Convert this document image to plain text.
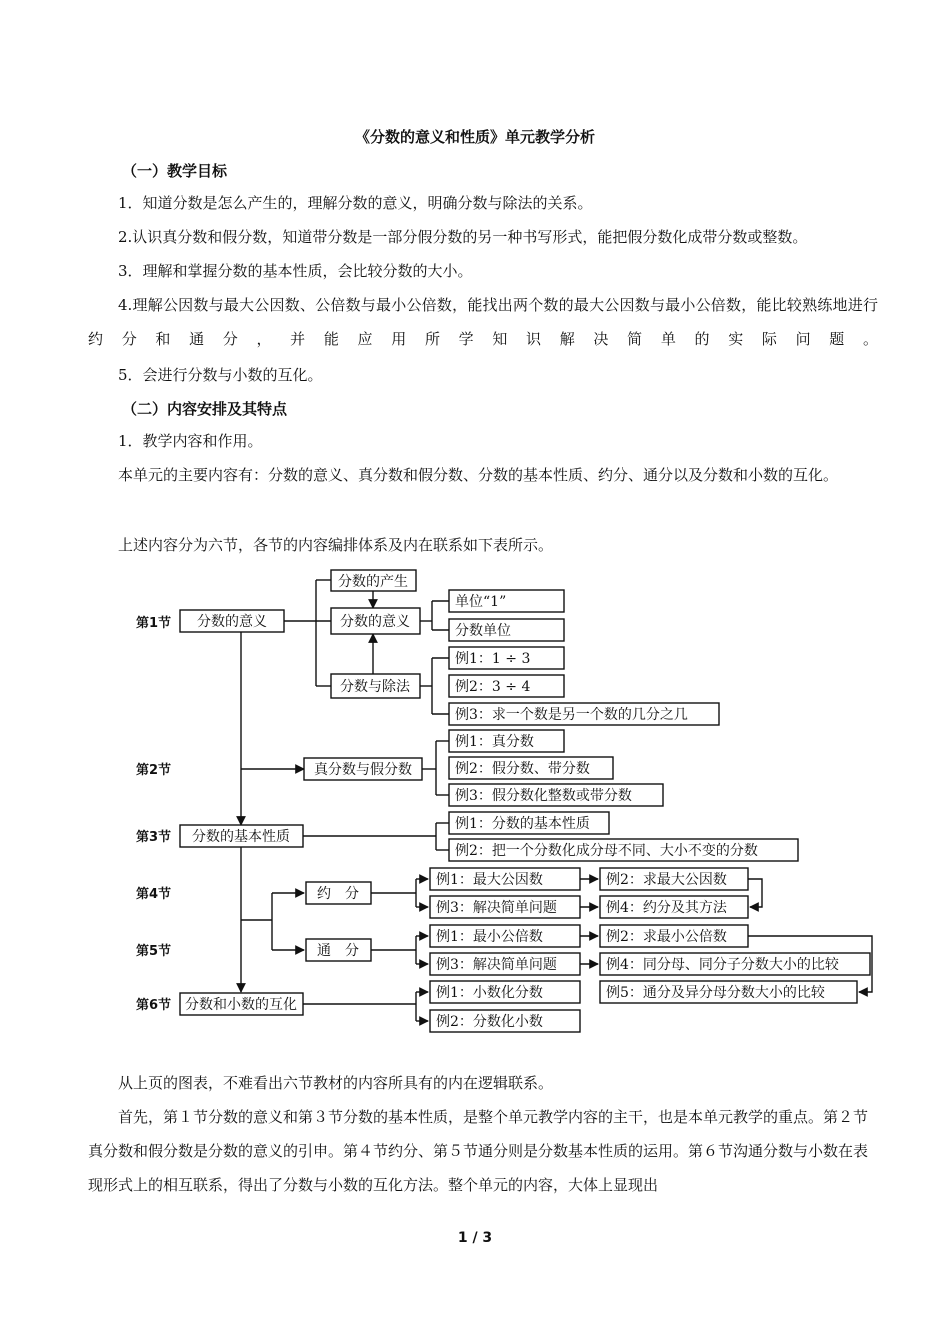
《分数的意义和性质》单元教学分析
（一）教学目标
1．知道分数是怎么产生的，理解分数的意义，明确分数与除法的关系。
2.认识真分数和假分数，知道带分数是一部分假分数的另一种书写形式，能把假分数化成带分数或整数。
3．理解和掌握分数的基本性质，会比较分数的大小。
4.理解公因数与最大公因数、公倍数与最小公倍数，能找出两个数的最大公因数与最小公倍数，能比较熟练地进行约分和通分，并能应用所学知识解决简单的实际问题。
5．会进行分数与小数的互化。
（二）内容安排及其特点
1．教学内容和作用。
本单元的主要内容有：分数的意义、真分数和假分数、分数的基本性质、约分、通分以及分数和小数的互化。
上述内容分为六节，各节的内容编排体系及内在联系如下表所示。
第1节
第2节
第3节
第4节
第5节
第6节
分数的意义
分数的产生
分数的意义
分数与除法
单位“1”
分数单位
例1：1 ÷ 3
例2：3 ÷ 4
例3：求一个数是另一个数的几分之几
真分数与假分数
例1：真分数
例2：假分数、带分数
例3：假分数化整数或带分数
分数的基本性质
例1：分数的基本性质
例2：把一个分数化成分母不同、大小不变的分数
约　分
通　分
例1：最大公因数
例3：解决简单问题
例2：求最大公因数
例4：约分及其方法
例1：最小公倍数
例3：解决简单问题
例2：求最小公倍数
例4：同分母、同分子分数大小的比较
例5：通分及异分母分数大小的比较
分数和小数的互化
例1：小数化分数
例2：分数化小数
从上页的图表，不难看出六节教材的内容所具有的内在逻辑联系。
首先，第１节分数的意义和第３节分数的基本性质，是整个单元教学内容的主干，也是本单元教学的重点。第２节真分数和假分数是分数的意义的引申。第４节约分、第５节通分则是分数基本性质的运用。第６节沟通分数与小数在表现形式上的相互联系，得出了分数与小数的互化方法。整个单元的内容，大体上显现出
1 / 3
